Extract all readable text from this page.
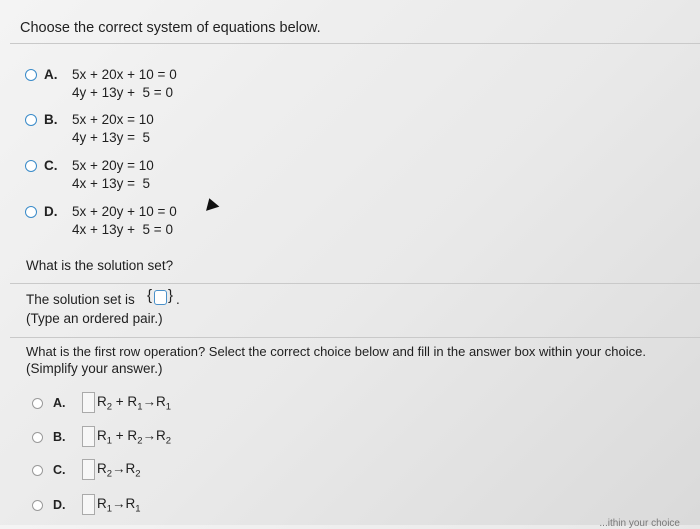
Choose the correct system of equations below.
A. 5x + 20x + 10 = 0
4y + 13y +  5 = 0
B. 5x + 20x = 10
4y + 13y =  5
C. 5x + 20y = 10
4x + 13y =  5
D. 5x + 20y + 10 = 0
4x + 13y +  5 = 0
What is the solution set?
The solution set is { } .
(Type an ordered pair.)
What is the first row operation? Select the correct choice below and fill in the answer box within your choice.
(Simplify your answer.)
A. $R_2 + R_1\to R_1$
B. $R_1 + R_2\to R_2$
C. $R_2\to R_2$
D. $R_1\to R_1$
...ithin your choice
